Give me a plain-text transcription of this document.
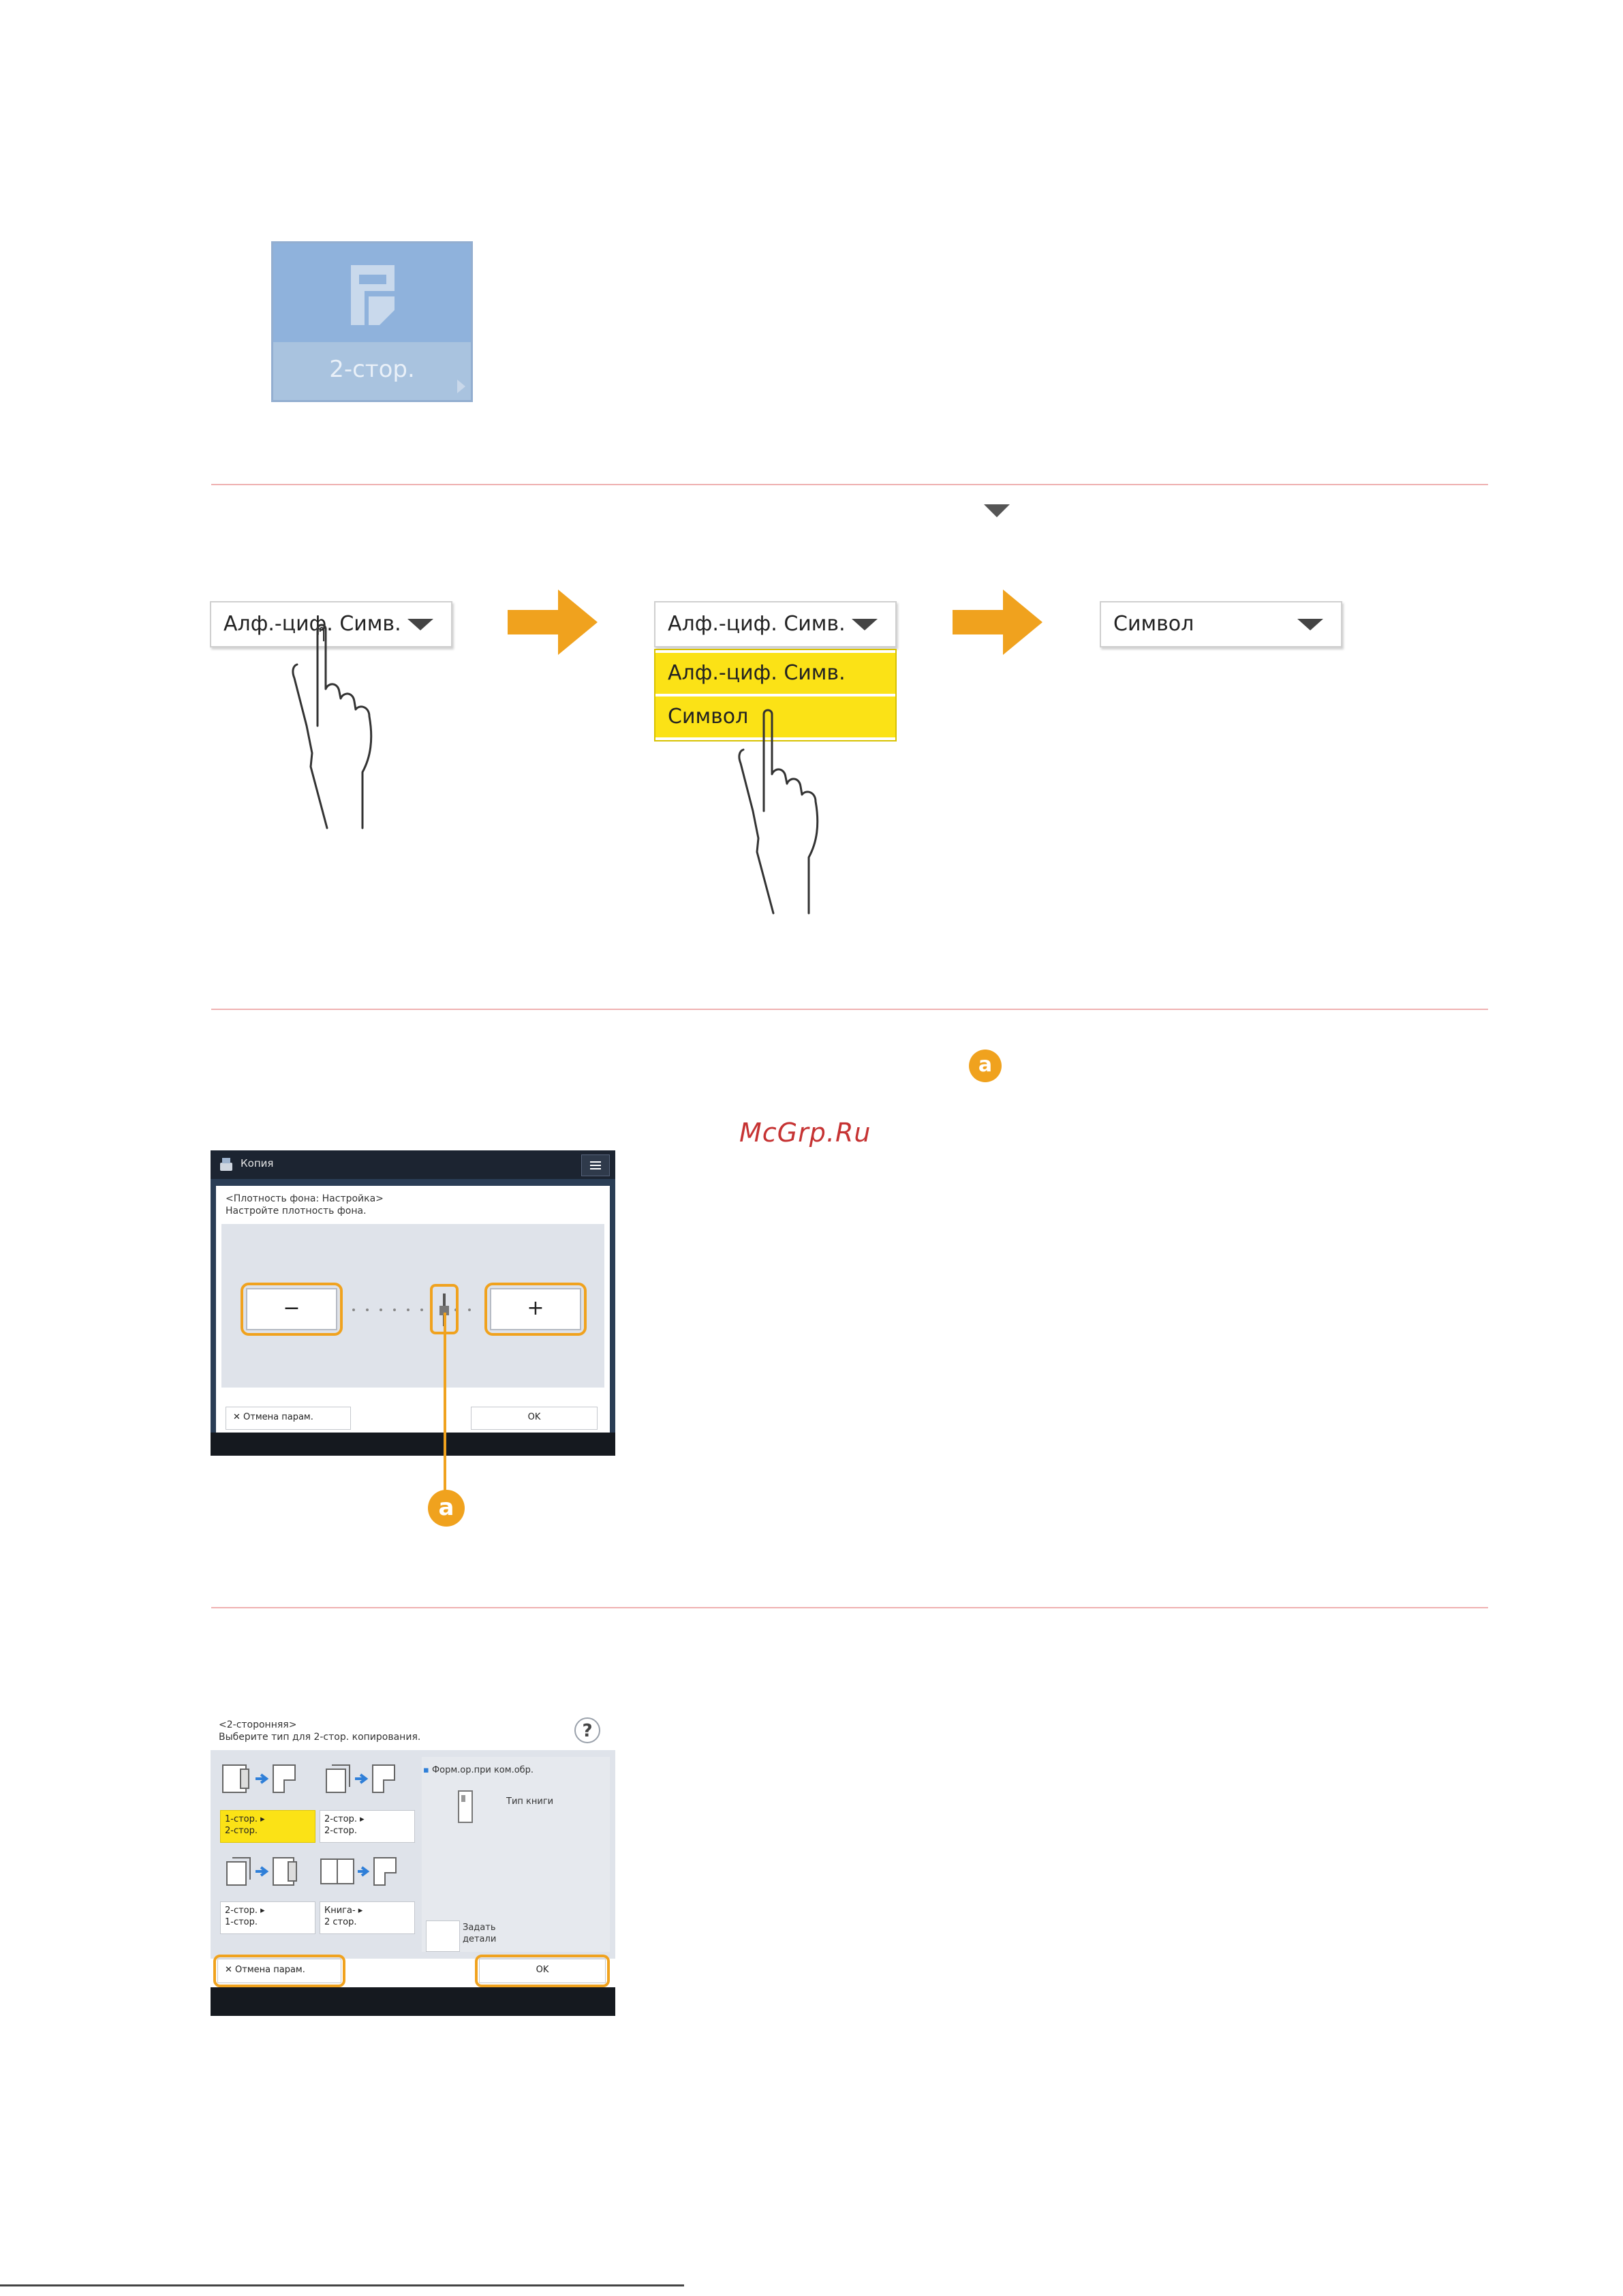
2-стор.
Алф.-циф. Симв.	Алф.-циф. Симв.
Алф.-циф. Симв.
Символ
Символ
a
McGrp.Ru
Копия
<Плотность фона: Настройка>
Настройте плотность фона.
−	+
✕ Отмена парам.	OK
a
<2-сторонняя>
Выберите тип для 2-стор. копирования.	?
1-стор. ▸
2-стор.
2-стор. ▸
2-стор.
2-стор. ▸
1-стор.
Книга- ▸
2 стор.
▪ Форм.ор.при ком.обр.
Тип книги
Задать
детали
✕ Отмена парам.	OK
